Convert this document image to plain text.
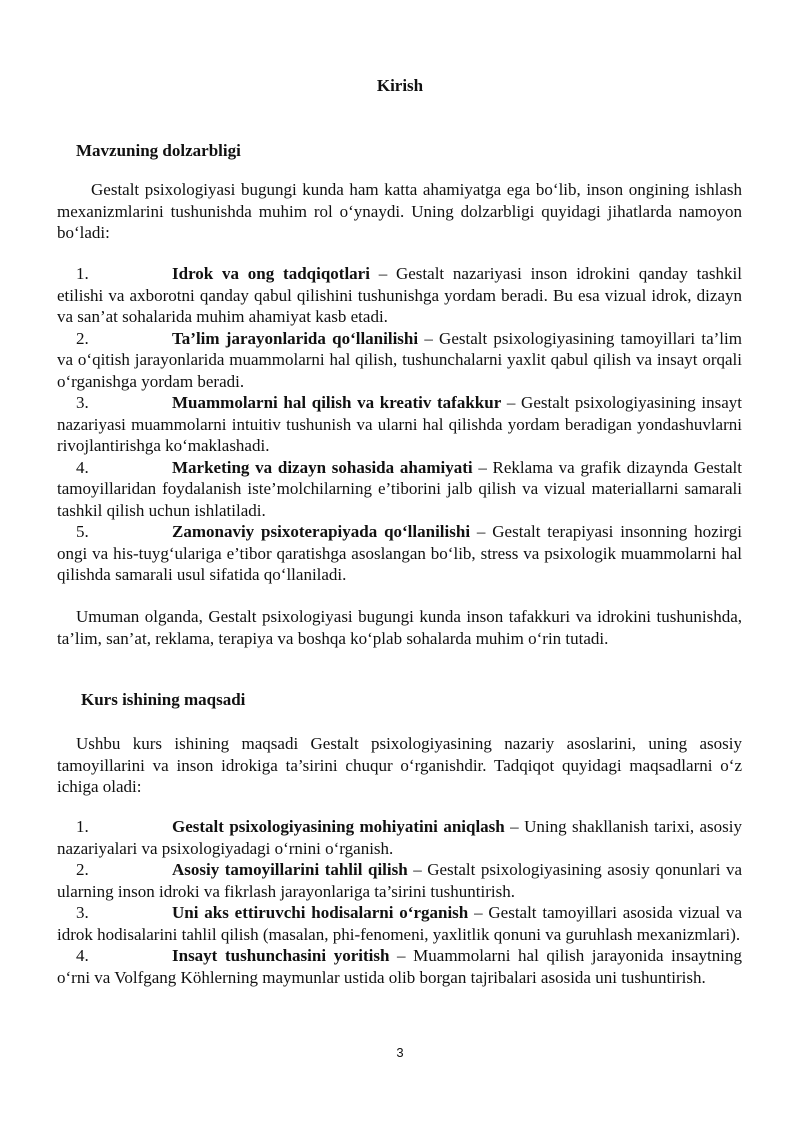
Kirish
Mavzuning dolzarbligi

Gestalt psixologiyasi bugungi kunda ham katta ahamiyatga ega bo‘lib, inson ongining ishlash mexanizmlarini tushunishda muhim rol o‘ynaydi. Uning dolzarbligi quyidagi jihatlarda namoyon bo‘ladi:

1.	Idrok va ong tadqiqotlari – Gestalt nazariyasi inson idrokini qanday tashkil etilishi va axborotni qanday qabul qilishini tushunishga yordam beradi. Bu esa vizual idrok, dizayn va san’at sohalarida muhim ahamiyat kasb etadi.

2.	Ta’lim jarayonlarida qo‘llanilishi – Gestalt psixologiyasining tamoyillari ta’lim va o‘qitish jarayonlarida muammolarni hal qilish, tushunchalarni yaxlit qabul qilish va insayt orqali o‘rganishga yordam beradi.

3.	Muammolarni hal qilish va kreativ tafakkur – Gestalt psixologiyasining insayt nazariyasi muammolarni intuitiv tushunish va ularni hal qilishda yordam beradigan yondashuvlarni rivojlantirishga ko‘maklashadi.

4.	Marketing va dizayn sohasida ahamiyati – Reklama va grafik dizaynda Gestalt tamoyillaridan foydalanish iste’molchilarning e’tiborini jalb qilish va vizual materiallarni samarali tashkil qilish uchun ishlatiladi.

5.	Zamonaviy psixoterapiyada qo‘llanilishi – Gestalt terapiyasi insonning hozirgi ongi va his-tuyg‘ulariga e’tibor qaratishga asoslangan bo‘lib, stress va psixologik muammolarni hal qilishda samarali usul sifatida qo‘llaniladi.

Umuman olganda, Gestalt psixologiyasi bugungi kunda inson tafakkuri va idrokini tushunishda, ta’lim, san’at, reklama, terapiya va boshqa ko‘plab sohalarda muhim o‘rin tutadi.

Kurs ishining maqsadi

Ushbu kurs ishining maqsadi Gestalt psixologiyasining nazariy asoslarini, uning asosiy tamoyillarini va inson idrokiga ta’sirini chuqur o‘rganishdir. Tadqiqot quyidagi maqsadlarni o‘z ichiga oladi:

1.	Gestalt psixologiyasining mohiyatini aniqlash – Uning shakllanish tarixi, asosiy nazariyalari va psixologiyadagi o‘rnini o‘rganish.

2.	Asosiy tamoyillarini tahlil qilish – Gestalt psixologiyasining asosiy qonunlari va ularning inson idroki va fikrlash jarayonlariga ta’sirini tushuntirish.

3.	Uni aks ettiruvchi hodisalarni o‘rganish – Gestalt tamoyillari asosida vizual va idrok hodisalarini tahlil qilish (masalan, phi-fenomeni, yaxlitlik qonuni va guruhlash mexanizmlari).

4.	Insayt tushunchasini yoritish – Muammolarni hal qilish jarayonida insaytning o‘rni va Volfgang Köhlerning maymunlar ustida olib borgan tajribalari asosida uni tushuntirish.

3
